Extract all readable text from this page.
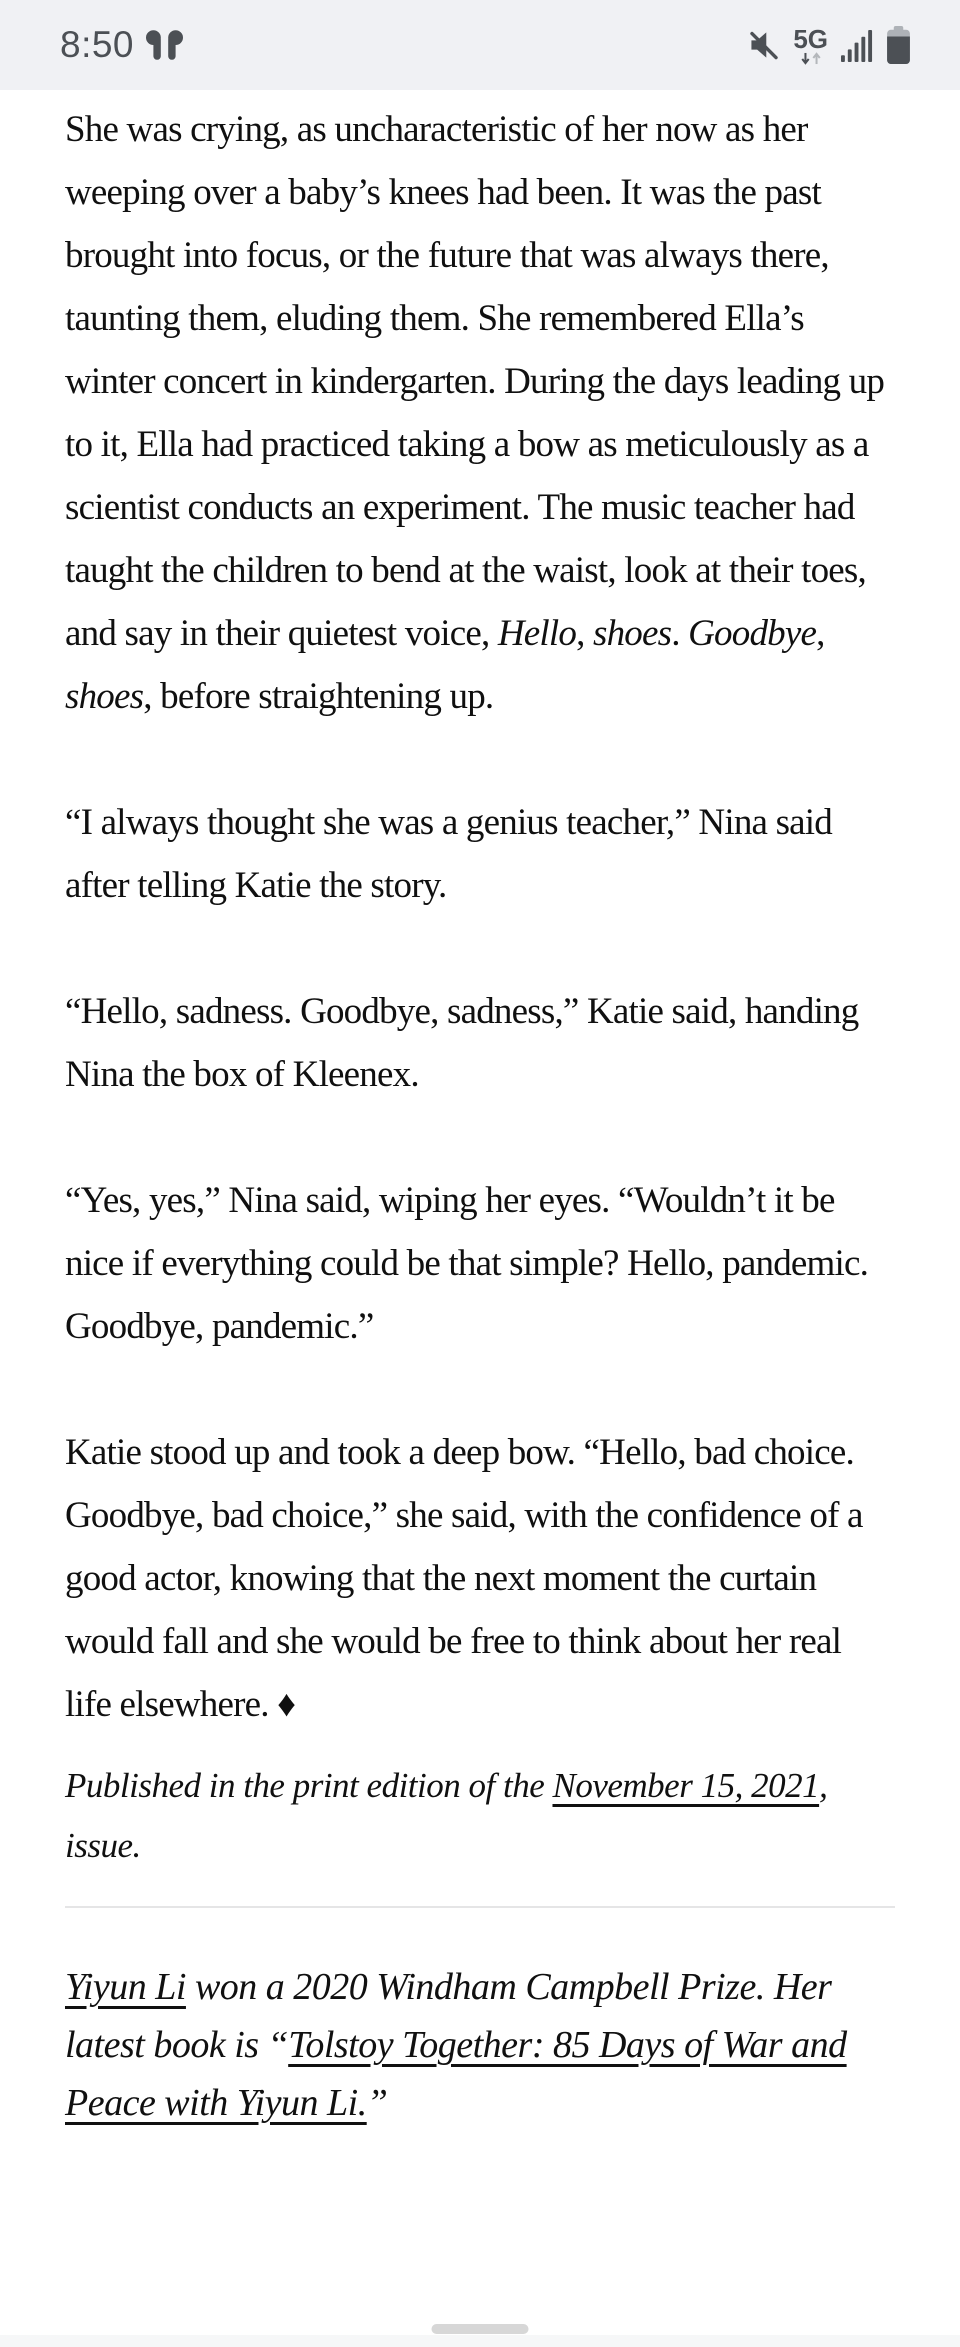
8:50	5G

She was crying, as uncharacteristic of her now as her weeping over a baby’s knees had been. It was the past brought into focus, or the future that was always there, taunting them, eluding them. She remembered Ella’s winter concert in kindergarten. During the days leading up to it, Ella had practiced taking a bow as meticulously as a scientist conducts an experiment. The music teacher had taught the children to bend at the waist, look at their toes, and say in their quietest voice, Hello, shoes. Goodbye, shoes, before straightening up.

“I always thought she was a genius teacher,” Nina said after telling Katie the story.

“Hello, sadness. Goodbye, sadness,” Katie said, handing Nina the box of Kleenex.

“Yes, yes,” Nina said, wiping her eyes. “Wouldn’t it be nice if everything could be that simple? Hello, pandemic. Goodbye, pandemic.”

Katie stood up and took a deep bow. “Hello, bad choice. Goodbye, bad choice,” she said, with the confidence of a good actor, knowing that the next moment the curtain would fall and she would be free to think about her real life elsewhere. ♦

Published in the print edition of the November 15, 2021, issue.

Yiyun Li won a 2020 Windham Campbell Prize. Her latest book is “Tolstoy Together: 85 Days of War and Peace with Yiyun Li.”
